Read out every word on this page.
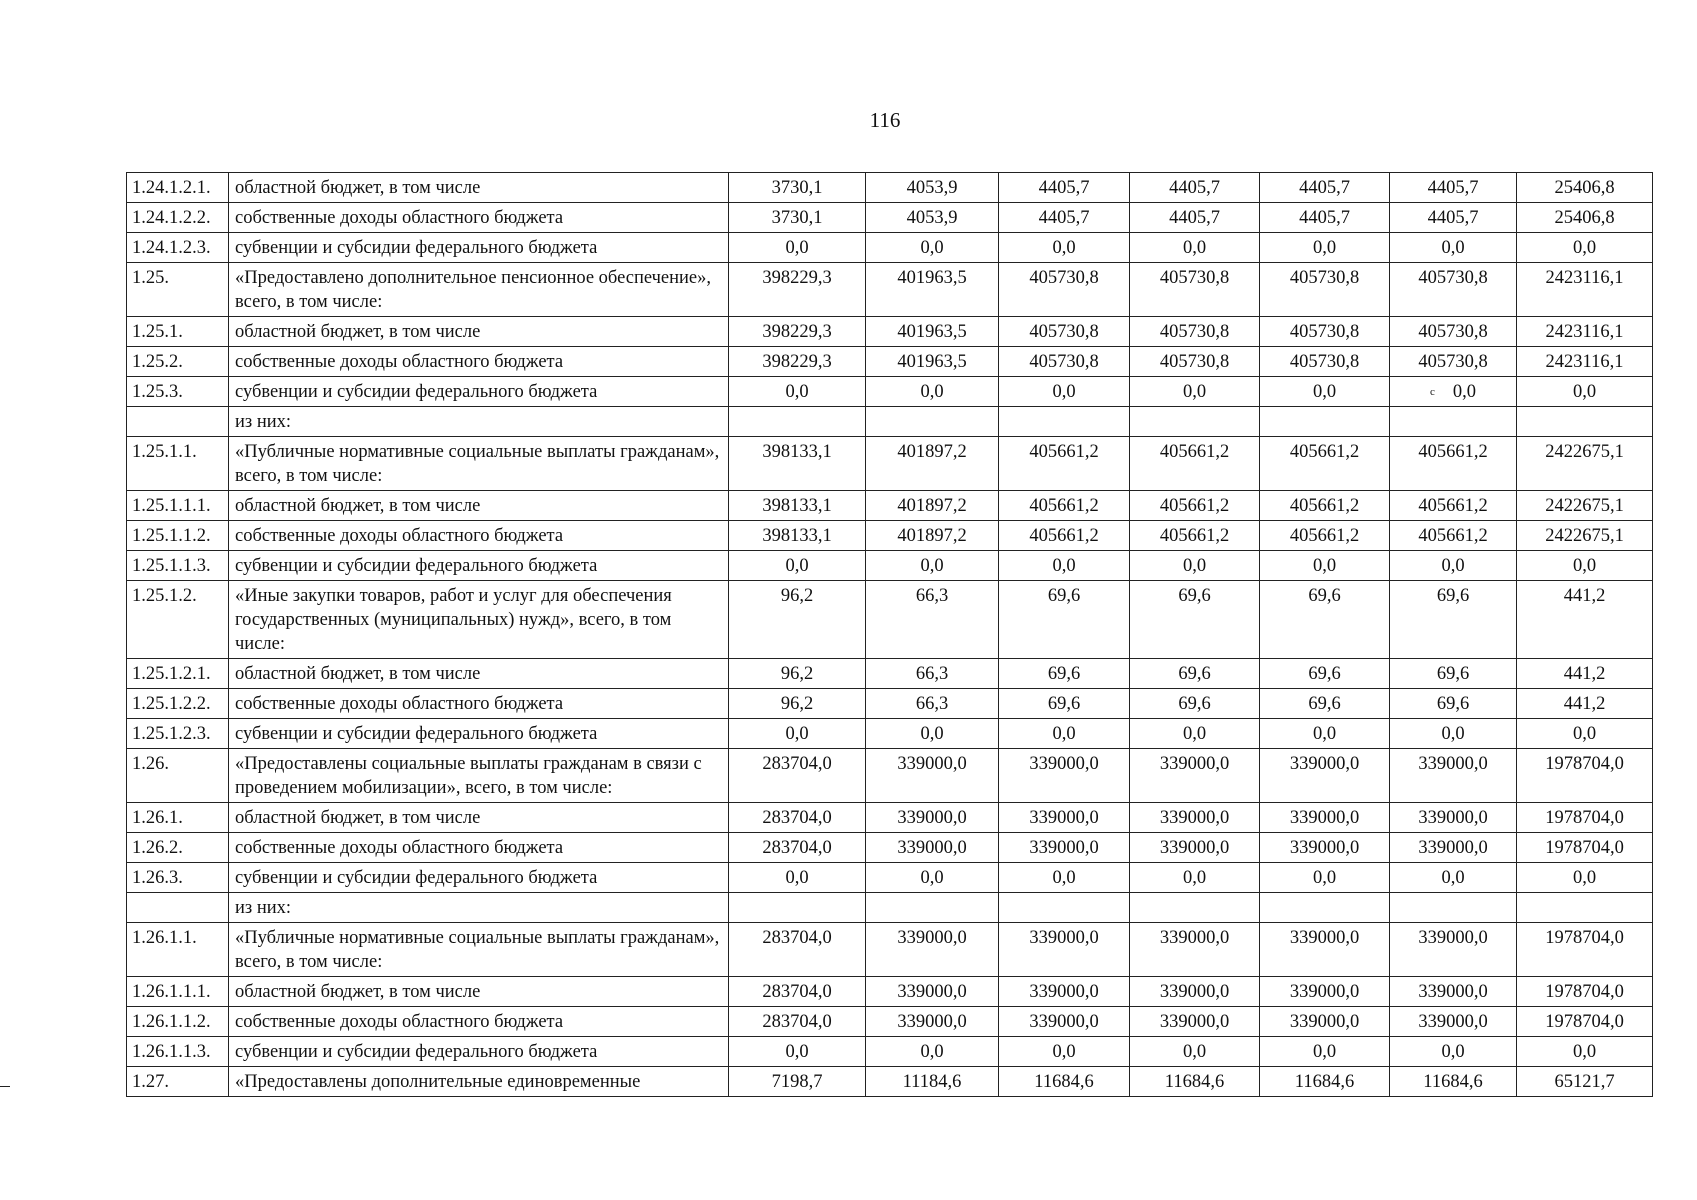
116
1.24.1.2.1.	областной бюджет, в том числе	3730,1	4053,9	4405,7	4405,7	4405,7	4405,7	25406,8
1.24.1.2.2.	собственные доходы областного бюджета	3730,1	4053,9	4405,7	4405,7	4405,7	4405,7	25406,8
1.24.1.2.3.	субвенции и субсидии федерального бюджета	0,0	0,0	0,0	0,0	0,0	0,0	0,0
1.25.	«Предоставлено дополнительное пенсионное обеспечение», всего, в том числе:	398229,3	401963,5	405730,8	405730,8	405730,8	405730,8	2423116,1
1.25.1.	областной бюджет, в том числе	398229,3	401963,5	405730,8	405730,8	405730,8	405730,8	2423116,1
1.25.2.	собственные доходы областного бюджета	398229,3	401963,5	405730,8	405730,8	405730,8	405730,8	2423116,1
1.25.3.	субвенции и субсидии федерального бюджета	0,0	0,0	0,0	0,0	0,0	$^c$ 0,0	0,0
	из них:							
1.25.1.1.	«Публичные нормативные социальные выплаты гражданам», всего, в том числе:	398133,1	401897,2	405661,2	405661,2	405661,2	405661,2	2422675,1
1.25.1.1.1.	областной бюджет, в том числе	398133,1	401897,2	405661,2	405661,2	405661,2	405661,2	2422675,1
1.25.1.1.2.	собственные доходы областного бюджета	398133,1	401897,2	405661,2	405661,2	405661,2	405661,2	2422675,1
1.25.1.1.3.	субвенции и субсидии федерального бюджета	0,0	0,0	0,0	0,0	0,0	0,0	0,0
1.25.1.2.	«Иные закупки товаров, работ и услуг для обеспечения государственных (муниципальных) нужд», всего, в том числе:	96,2	66,3	69,6	69,6	69,6	69,6	441,2
1.25.1.2.1.	областной бюджет, в том числе	96,2	66,3	69,6	69,6	69,6	69,6	441,2
1.25.1.2.2.	собственные доходы областного бюджета	96,2	66,3	69,6	69,6	69,6	69,6	441,2
1.25.1.2.3.	субвенции и субсидии федерального бюджета	0,0	0,0	0,0	0,0	0,0	0,0	0,0
1.26.	«Предоставлены социальные выплаты гражданам в связи с проведением мобилизации», всего, в том числе:	283704,0	339000,0	339000,0	339000,0	339000,0	339000,0	1978704,0
1.26.1.	областной бюджет, в том числе	283704,0	339000,0	339000,0	339000,0	339000,0	339000,0	1978704,0
1.26.2.	собственные доходы областного бюджета	283704,0	339000,0	339000,0	339000,0	339000,0	339000,0	1978704,0
1.26.3.	субвенции и субсидии федерального бюджета	0,0	0,0	0,0	0,0	0,0	0,0	0,0
	из них:							
1.26.1.1.	«Публичные нормативные социальные выплаты гражданам», всего, в том числе:	283704,0	339000,0	339000,0	339000,0	339000,0	339000,0	1978704,0
1.26.1.1.1.	областной бюджет, в том числе	283704,0	339000,0	339000,0	339000,0	339000,0	339000,0	1978704,0
1.26.1.1.2.	собственные доходы областного бюджета	283704,0	339000,0	339000,0	339000,0	339000,0	339000,0	1978704,0
1.26.1.1.3.	субвенции и субсидии федерального бюджета	0,0	0,0	0,0	0,0	0,0	0,0	0,0
1.27.	«Предоставлены дополнительные единовременные	7198,7	11184,6	11684,6	11684,6	11684,6	11684,6	65121,7
